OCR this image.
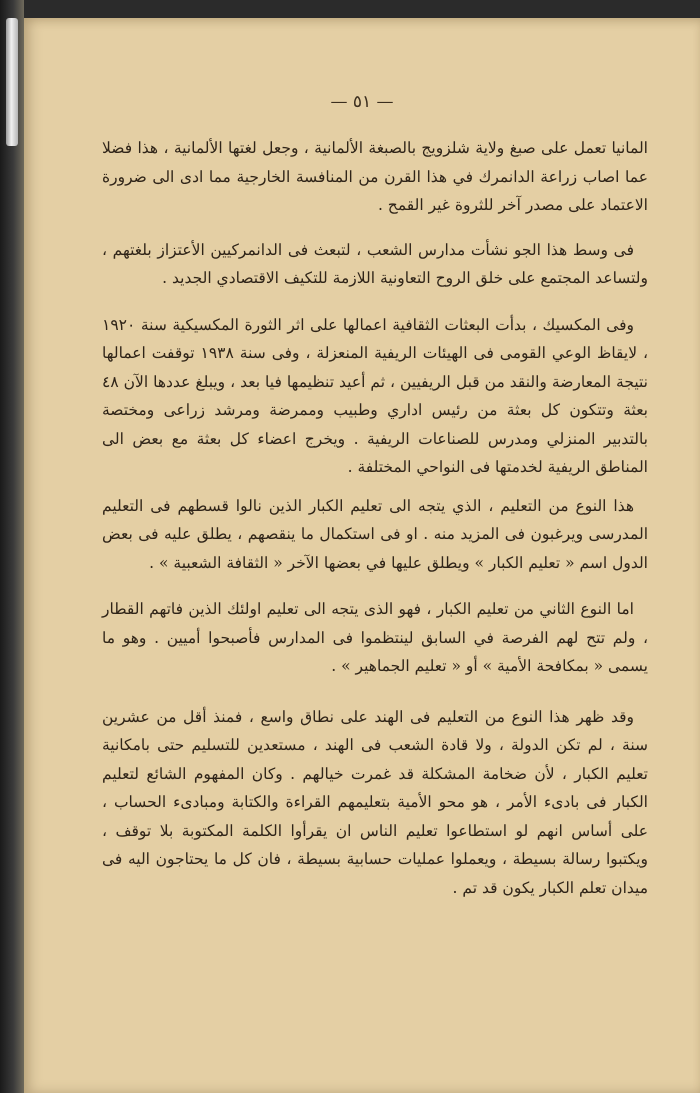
— ٥١ —

المانيا تعمل على صبغ ولاية شلزويج بالصبغة الألمانية ، وجعل لغتها الألمانية ، هذا فضلا عما اصاب زراعة الدانمرك في هذا القرن من المنافسة الخارجية مما ادى الى ضرورة الاعتماد على مصدر آخر للثروة غير القمح .

فى وسط هذا الجو نشأت مدارس الشعب ، لتبعث فى الدانمركيين الأعتزاز بلغتهم ، ولتساعد المجتمع على خلق الروح التعاونية اللازمة للتكيف الاقتصادي الجديد .

وفى المكسيك ، بدأت البعثات الثقافية اعمالها على اثر الثورة المكسيكية سنة ١٩٢٠ ، لايقاظ الوعي القومى فى الهيئات الريفية المنعزلة ، وفى سنة ١٩٣٨ توقفت اعمالها نتيجة المعارضة والنقد من قبل الريفيين ، ثم أعيد تنظيمها فيا بعد ، ويبلغ عددها الآن ٤٨ بعثة وتتكون كل بعثة من رئيس اداري وطبيب وممرضة ومرشد زراعى ومختصة بالتدبير المنزلي ومدرس للصناعات الريفية . ويخرج اعضاء كل بعثة مع بعض الى المناطق الريفية لخدمتها فى النواحي المختلفة .

هذا النوع من التعليم ، الذي يتجه الى تعليم الكبار الذين نالوا قسطهم فى التعليم المدرسى ويرغبون فى المزيد منه . او فى استكمال ما ينقصهم ، يطلق عليه فى بعض الدول اسم « تعليم الكبار » ويطلق عليها في بعضها الآخر « الثقافة الشعبية » .

اما النوع الثاني من تعليم الكبار ، فهو الذى يتجه الى تعليم اولئك الذين فاتهم القطار ، ولم تتح لهم الفرصة في السابق لينتظموا فى المدارس فأصبحوا أميين . وهو ما يسمى « بمكافحة الأمية » أو « تعليم الجماهير » .

وقد ظهر هذا النوع من التعليم فى الهند على نطاق واسع ، فمنذ أقل من عشرين سنة ، لم تكن الدولة ، ولا قادة الشعب فى الهند ، مستعدين للتسليم حتى بامكانية تعليم الكبار ، لأن ضخامة المشكلة قد غمرت خيالهم . وكان المفهوم الشائع لتعليم الكبار فى بادىء الأمر ، هو محو الأمية بتعليمهم القراءة والكتابة ومبادىء الحساب ، على أساس انهم لو استطاعوا تعليم الناس ان يقرأوا الكلمة المكتوبة بلا توقف ، ويكتبوا رسالة بسيطة ، ويعملوا عمليات حسابية بسيطة ، فان كل ما يحتاجون اليه فى ميدان تعلم الكبار يكون قد تم .
